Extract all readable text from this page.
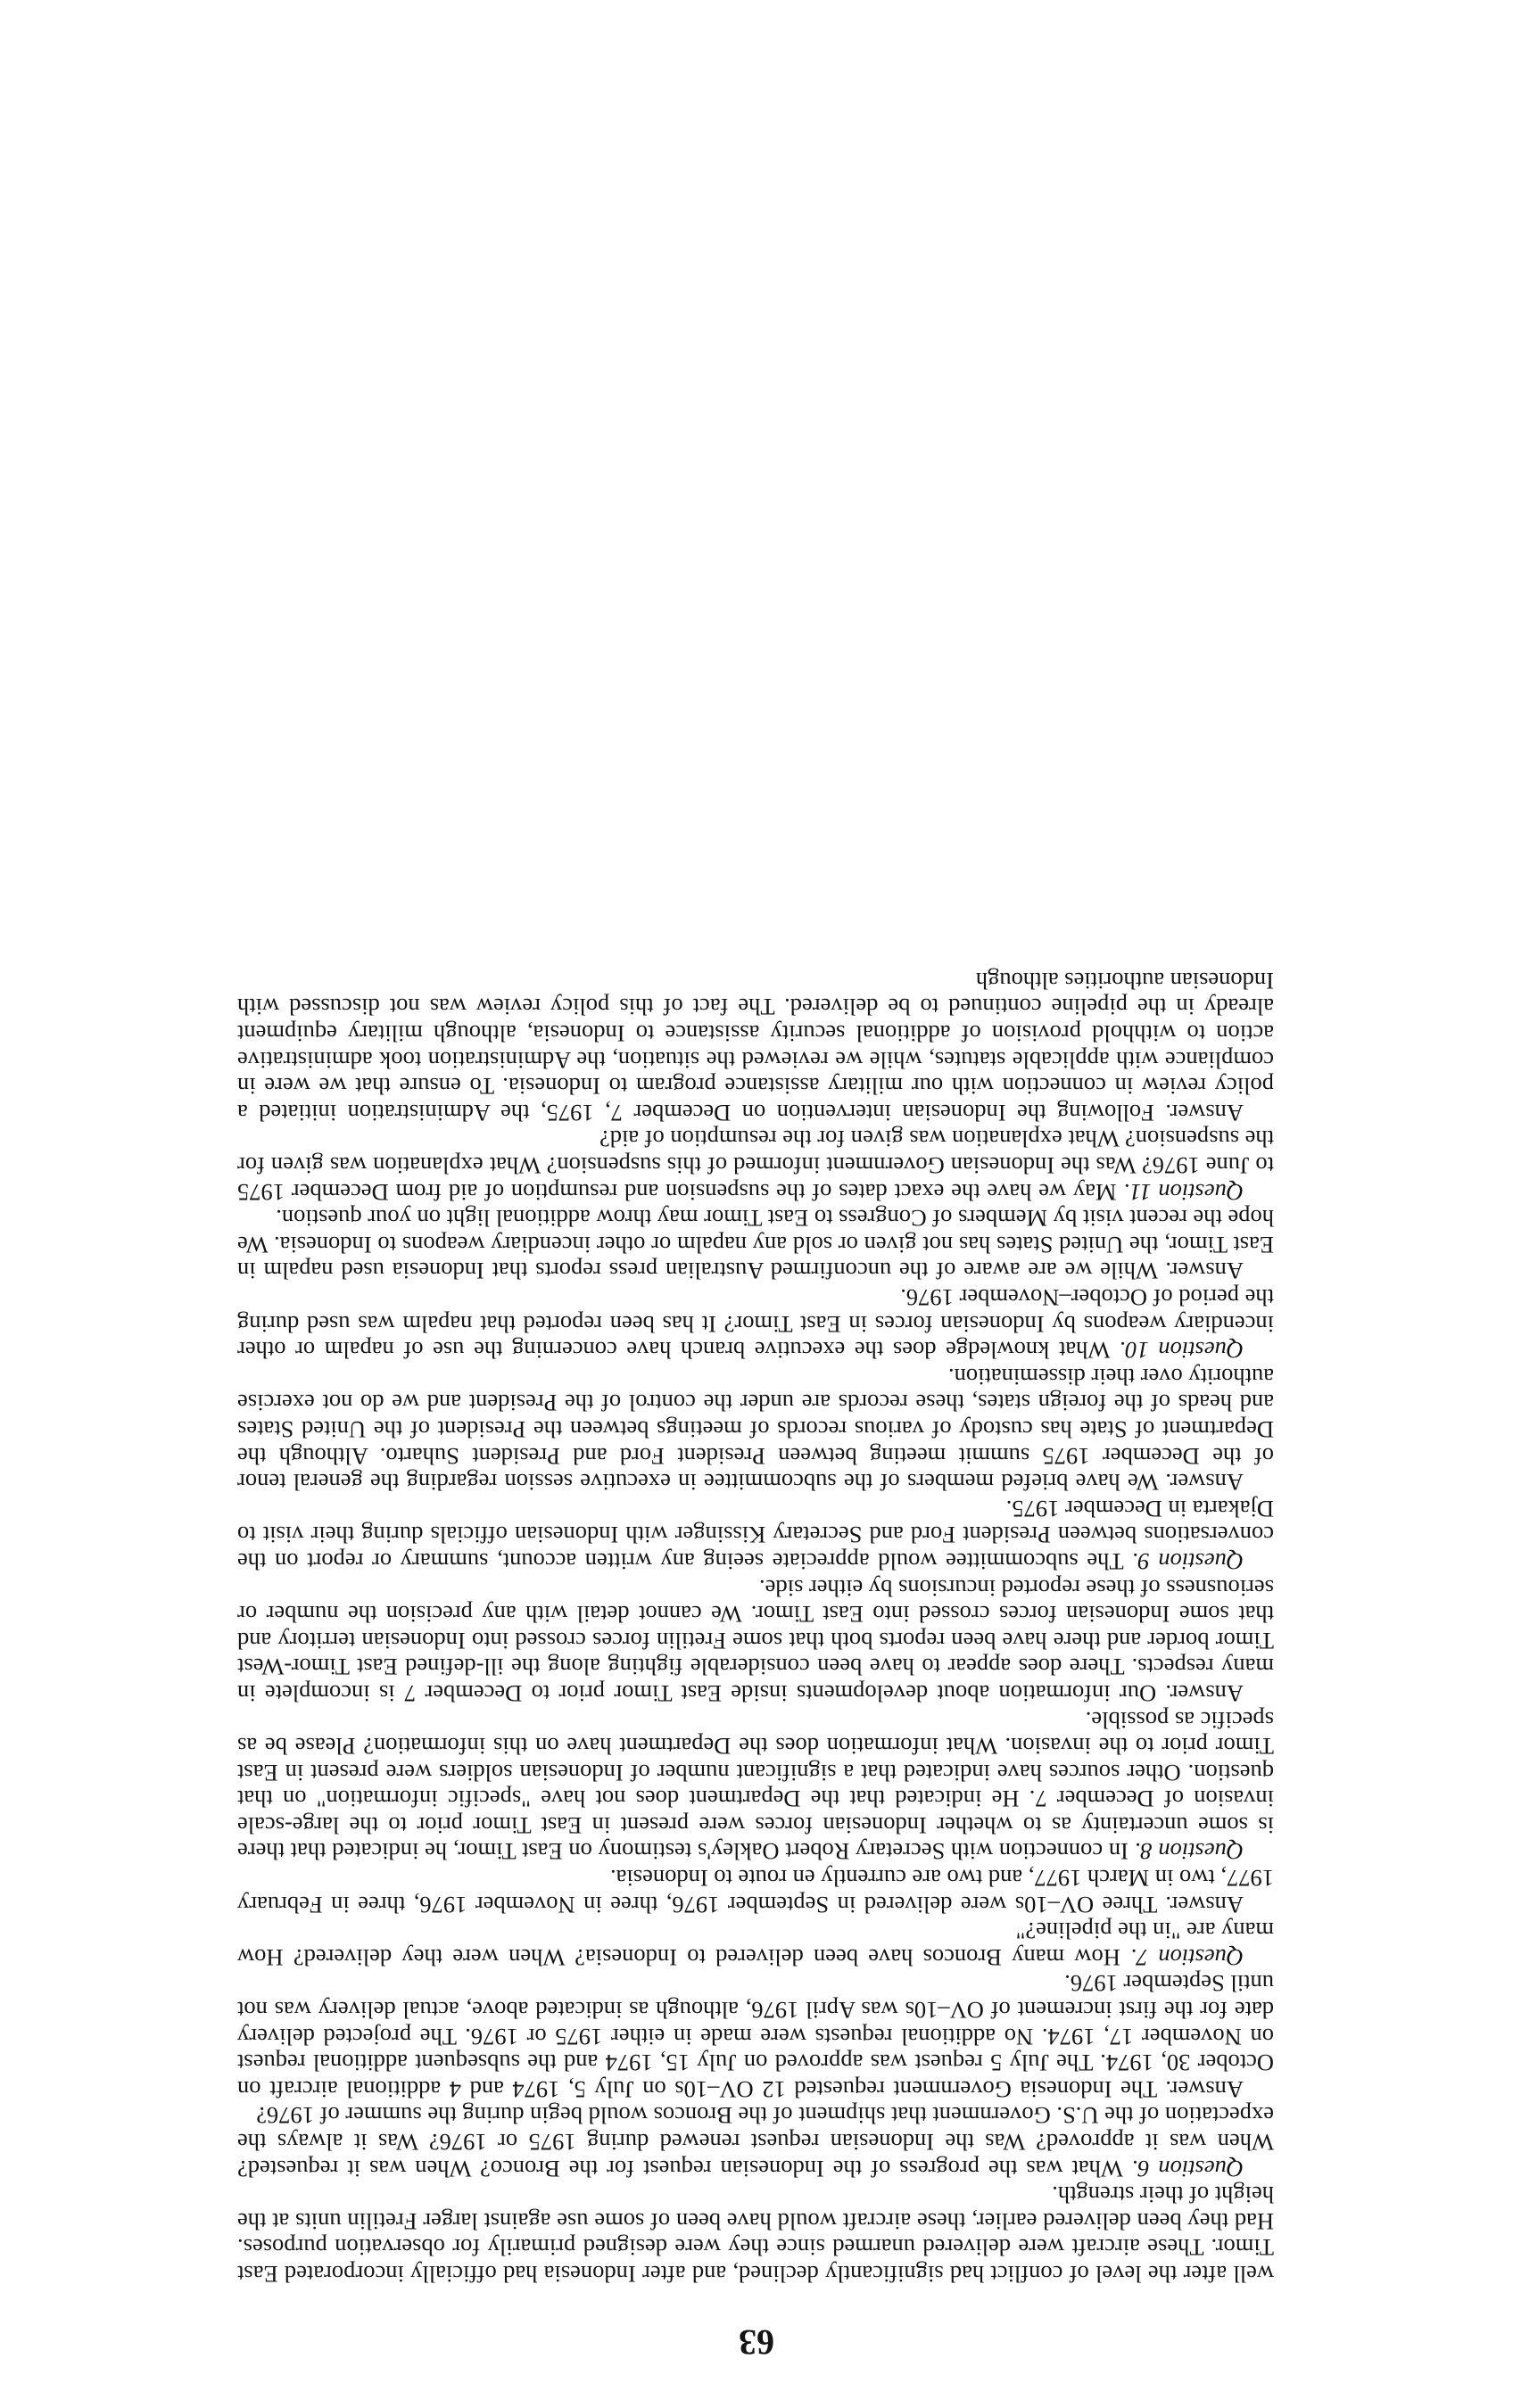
63

well after the level of conflict had significantly declined, and after Indonesia had officially incorporated East Timor. These aircraft were delivered unarmed since they were designed primarily for observation purposes. Had they been delivered earlier, these aircraft would have been of some use against larger Fretilin units at the height of their strength.

Question 6. What was the progress of the Indonesian request for the Bronco? When was it requested? When was it approved? Was the Indonesian request renewed during 1975 or 1976? Was it always the expectation of the U.S. Government that shipment of the Broncos would begin during the summer of 1976?

Answer. The Indonesia Government requested 12 OV–10s on July 5, 1974 and 4 additional aircraft on October 30, 1974. The July 5 request was approved on July 15, 1974 and the subsequent additional request on November 17, 1974. No additional requests were made in either 1975 or 1976. The projected delivery date for the first increment of OV–10s was April 1976, although as indicated above, actual delivery was not until September 1976.

Question 7. How many Broncos have been delivered to Indonesia? When were they delivered? How many are "in the pipeline?"

Answer. Three OV–10s were delivered in September 1976, three in November 1976, three in February 1977, two in March 1977, and two are currently en route to Indonesia.

Question 8. In connection with Secretary Robert Oakley's testimony on East Timor, he indicated that there is some uncertainty as to whether Indonesian forces were present in East Timor prior to the large-scale invasion of December 7. He indicated that the Department does not have "specific information" on that question. Other sources have indicated that a significant number of Indonesian soldiers were present in East Timor prior to the invasion. What information does the Department have on this information? Please be as specific as possible.

Answer. Our information about developments inside East Timor prior to December 7 is incomplete in many respects. There does appear to have been considerable fighting along the ill-defined East Timor-West Timor border and there have been reports both that some Fretilin forces crossed into Indonesian territory and that some Indonesian forces crossed into East Timor. We cannot detail with any precision the number or seriousness of these reported incursions by either side.

Question 9. The subcommittee would appreciate seeing any written account, summary or report on the conversations between President Ford and Secretary Kissinger with Indonesian officials during their visit to Djakarta in December 1975.

Answer. We have briefed members of the subcommittee in executive session regarding the general tenor of the December 1975 summit meeting between President Ford and President Suharto. Although the Department of State has custody of various records of meetings between the President of the United States and heads of the foreign states, these records are under the control of the President and we do not exercise authority over their dissemination.

Question 10. What knowledge does the executive branch have concerning the use of napalm or other incendiary weapons by Indonesian forces in East Timor? It has been reported that napalm was used during the period of October–November 1976.

Answer. While we are aware of the unconfirmed Australian press reports that Indonesia used napalm in East Timor, the United States has not given or sold any napalm or other incendiary weapons to Indonesia. We hope the recent visit by Members of Congress to East Timor may throw additional light on your question.

Question 11. May we have the exact dates of the suspension and resumption of aid from December 1975 to June 1976? Was the Indonesian Government informed of this suspension? What explanation was given for the suspension? What explanation was given for the resumption of aid?

Answer. Following the Indonesian intervention on December 7, 1975, the Administration initiated a policy review in connection with our military assistance program to Indonesia. To ensure that we were in compliance with applicable statutes, while we reviewed the situation, the Administration took administrative action to withhold provision of additional security assistance to Indonesia, although military equipment already in the pipeline continued to be delivered. The fact of this policy review was not discussed with Indonesian authorities although
